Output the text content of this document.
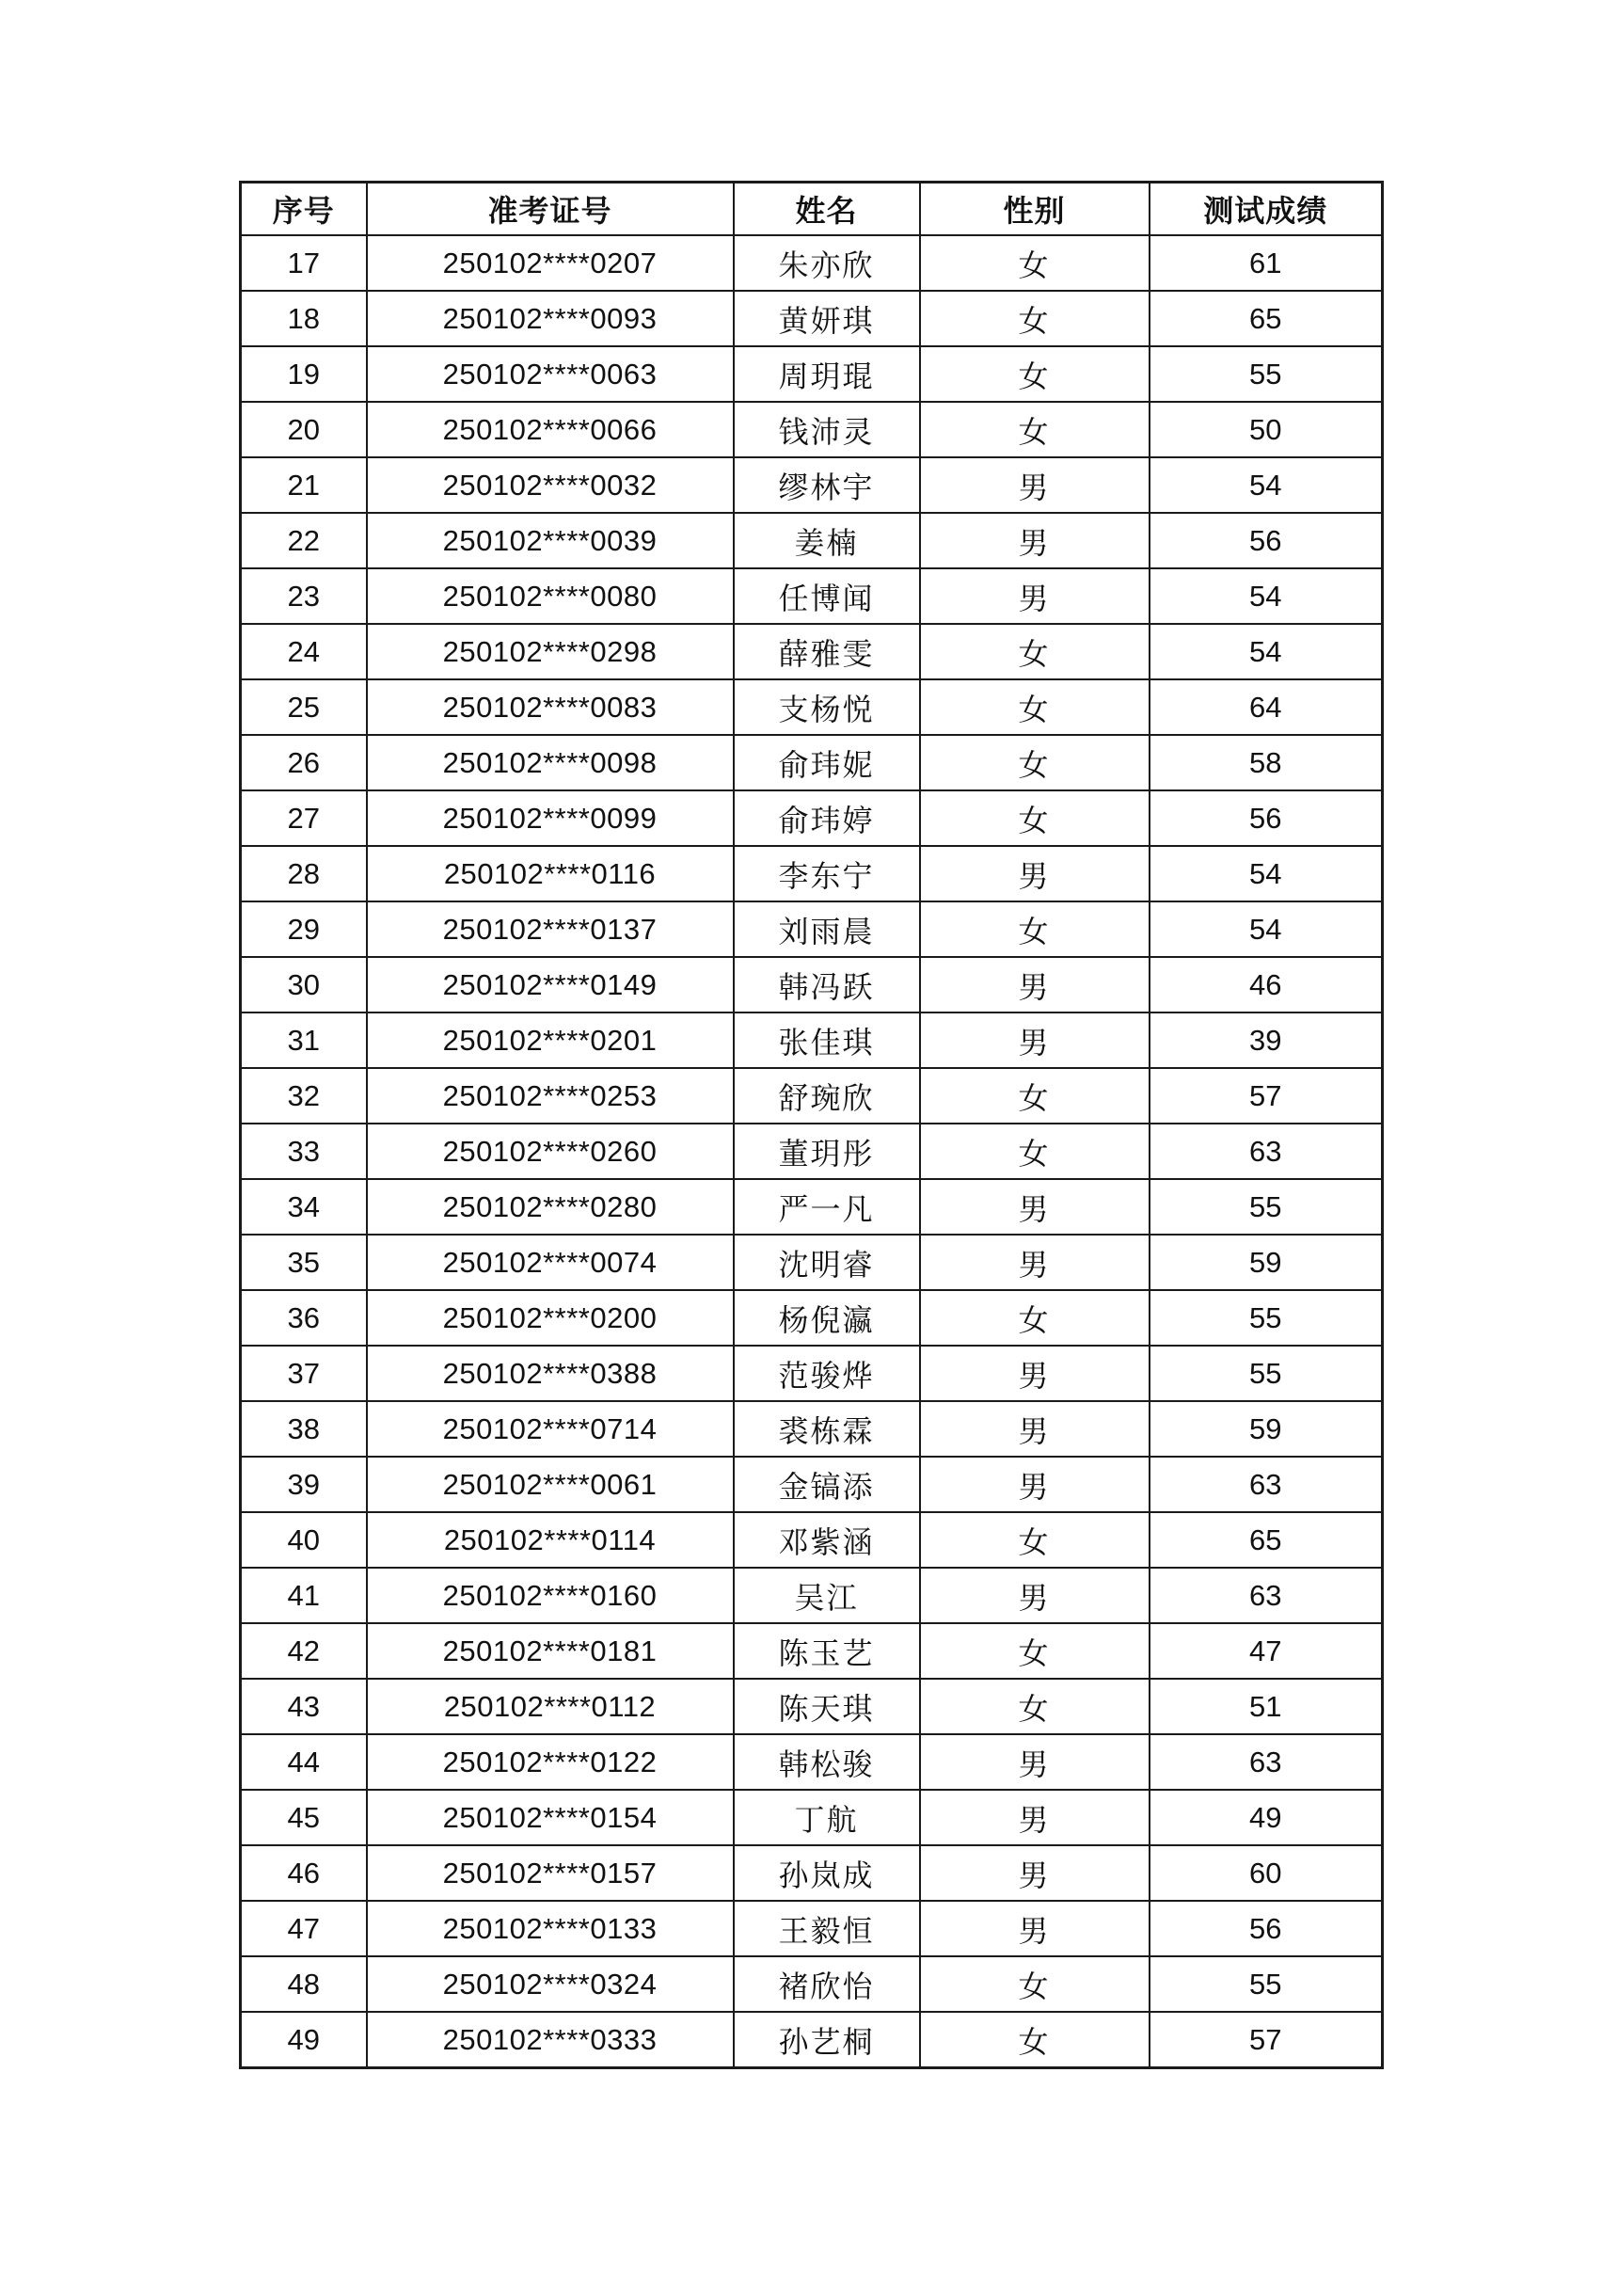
序号	准考证号	姓名	性别	测试成绩
17	250102****0207	朱亦欣	女	61
18	250102****0093	黄妍琪	女	65
19	250102****0063	周玥琨	女	55
20	250102****0066	钱沛灵	女	50
21	250102****0032	缪林宇	男	54
22	250102****0039	姜楠	男	56
23	250102****0080	任博闻	男	54
24	250102****0298	薛雅雯	女	54
25	250102****0083	支杨悦	女	64
26	250102****0098	俞玮妮	女	58
27	250102****0099	俞玮婷	女	56
28	250102****0116	李东宁	男	54
29	250102****0137	刘雨晨	女	54
30	250102****0149	韩冯跃	男	46
31	250102****0201	张佳琪	男	39
32	250102****0253	舒琬欣	女	57
33	250102****0260	董玥彤	女	63
34	250102****0280	严一凡	男	55
35	250102****0074	沈明睿	男	59
36	250102****0200	杨倪瀛	女	55
37	250102****0388	范骏烨	男	55
38	250102****0714	裘栋霖	男	59
39	250102****0061	金镐添	男	63
40	250102****0114	邓紫涵	女	65
41	250102****0160	吴江	男	63
42	250102****0181	陈玉艺	女	47
43	250102****0112	陈天琪	女	51
44	250102****0122	韩松骏	男	63
45	250102****0154	丁航	男	49
46	250102****0157	孙岚成	男	60
47	250102****0133	王毅恒	男	56
48	250102****0324	褚欣怡	女	55
49	250102****0333	孙艺桐	女	57
